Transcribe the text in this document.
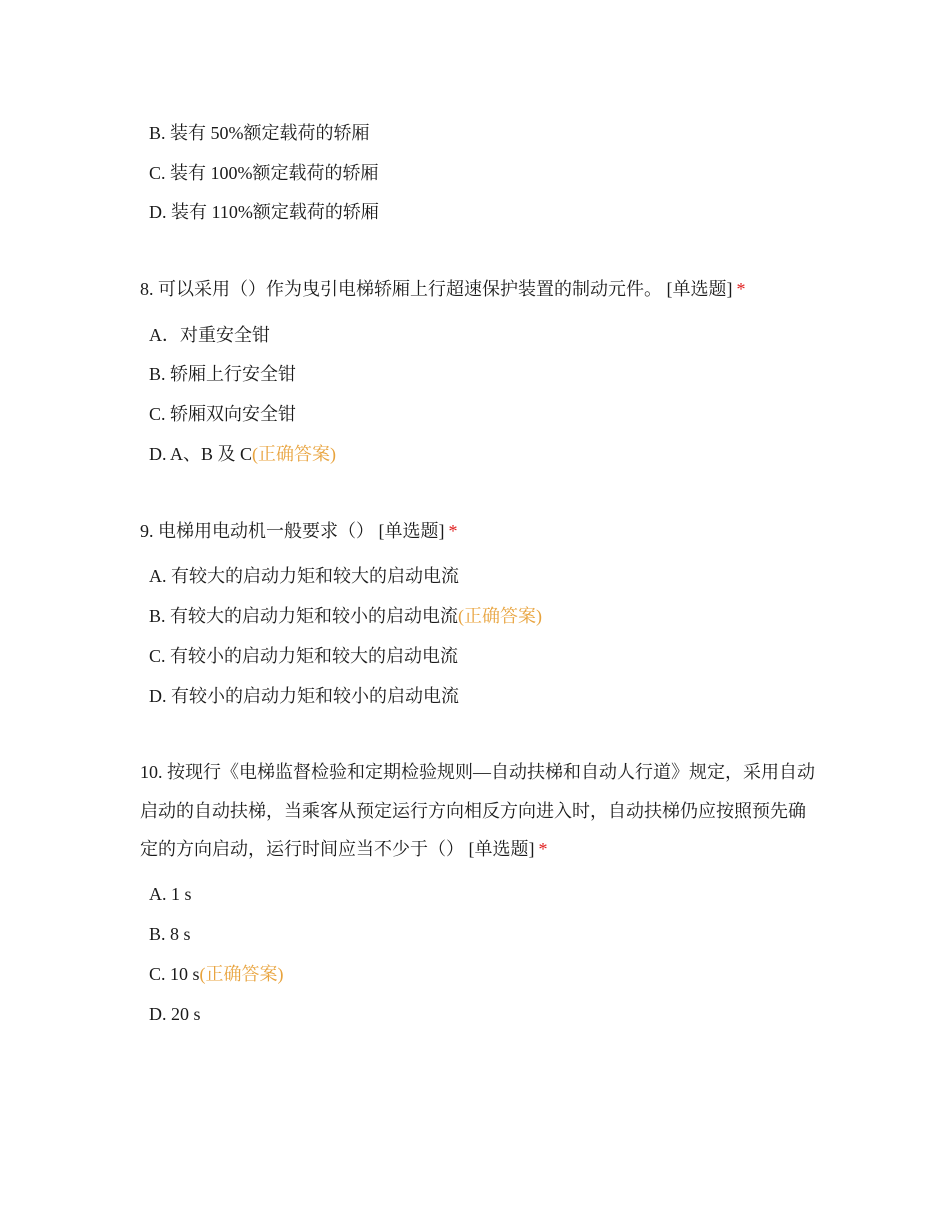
B. 装有 50%额定载荷的轿厢
C. 装有 100%额定载荷的轿厢
D. 装有 110%额定载荷的轿厢
8. 可以采用（）作为曳引电梯轿厢上行超速保护装置的制动元件。 [单选题] *
A．对重安全钳
B. 轿厢上行安全钳
C. 轿厢双向安全钳
D. A、B 及 C(正确答案)
9. 电梯用电动机一般要求（） [单选题] *
A. 有较大的启动力矩和较大的启动电流
B. 有较大的启动力矩和较小的启动电流(正确答案)
C. 有较小的启动力矩和较大的启动电流
D. 有较小的启动力矩和较小的启动电流
10. 按现行《电梯监督检验和定期检验规则—自动扶梯和自动人行道》规定，采用自动启动的自动扶梯，当乘客从预定运行方向相反方向进入时，自动扶梯仍应按照预先确定的方向启动，运行时间应当不少于（） [单选题] *
A. 1 s
B. 8 s
C. 10 s(正确答案)
D. 20 s
